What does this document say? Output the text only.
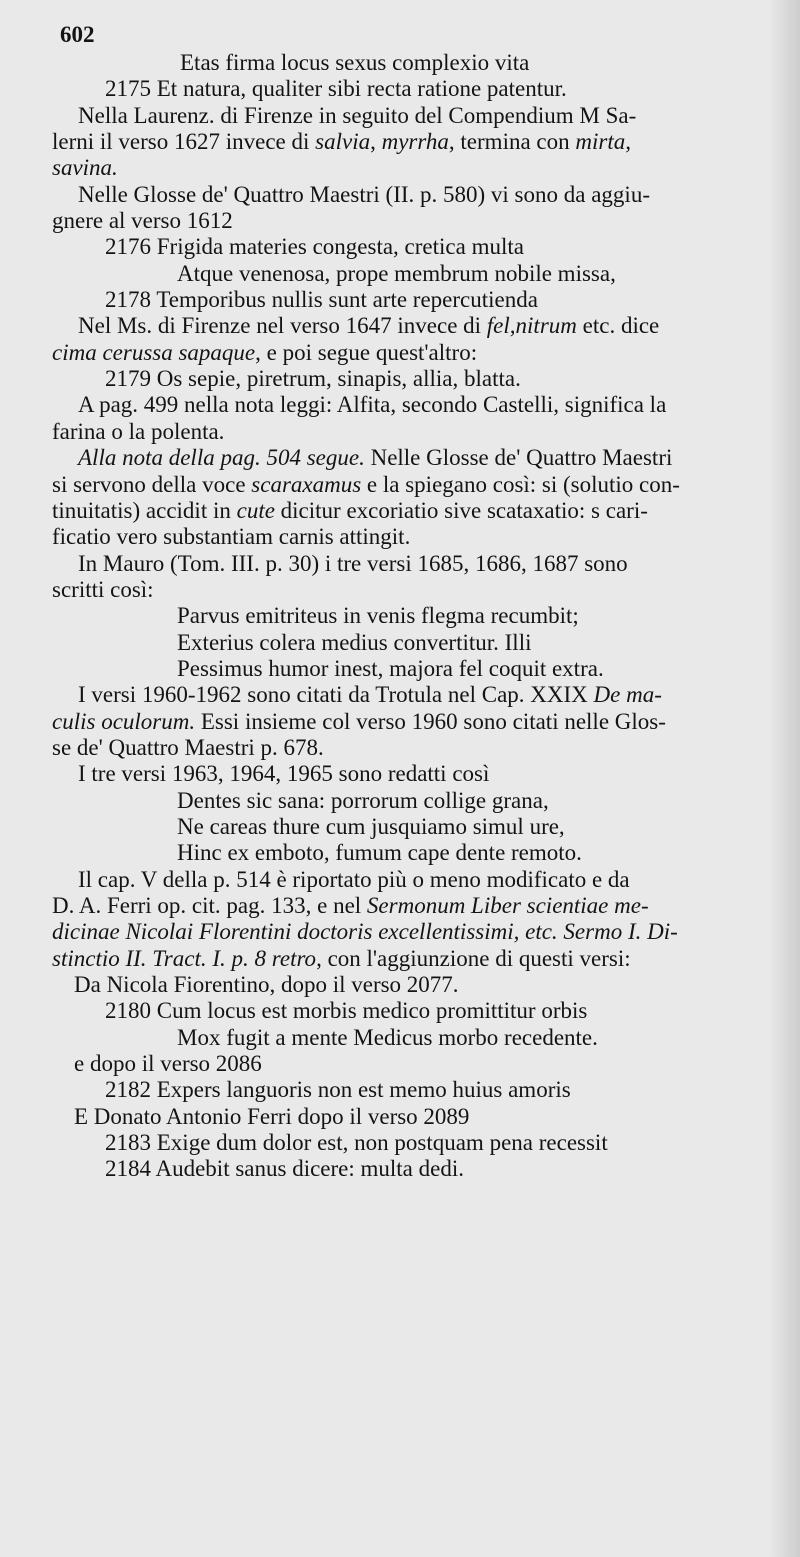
602
Etas firma locus sexus complexio vita
2175 Et natura, qualiter sibi recta ratione patentur.
Nella Laurenz. di Firenze in seguito del Compendium M Sa-
lerni il verso 1627 invece di salvia, myrrha, termina con mirta,
savina.
Nelle Glosse de' Quattro Maestri (II. p. 580) vi sono da aggiu-
gnere al verso 1612
2176 Frigida materies congesta, cretica multa
Atque venenosa, prope membrum nobile missa,
2178 Temporibus nullis sunt arte repercutienda
Nel Ms. di Firenze nel verso 1647 invece di fel,nitrum etc. dice
cima cerussa sapaque, e poi segue quest'altro:
2179 Os sepie, piretrum, sinapis, allia, blatta.
A pag. 499 nella nota leggi: Alfita, secondo Castelli, significa la
farina o la polenta.
Alla nota della pag. 504 segue. Nelle Glosse de' Quattro Maestri
si servono della voce scaraxamus e la spiegano così: si (solutio con-
tinuitatis) accidit in cute dicitur excoriatio sive scataxatio: s cari-
ficatio vero substantiam carnis attingit.
In Mauro (Tom. III. p. 30) i tre versi 1685, 1686, 1687 sono
scritti così:
Parvus emitriteus in venis flegma recumbit;
Exterius colera medius convertitur. Illi
Pessimus humor inest, majora fel coquit extra.
I versi 1960-1962 sono citati da Trotula nel Cap. XXIX De ma-
culis oculorum. Essi insieme col verso 1960 sono citati nelle Glos-
se de' Quattro Maestri p. 678.
I tre versi 1963, 1964, 1965 sono redatti così
Dentes sic sana: porrorum collige grana,
Ne careas thure cum jusquiamo simul ure,
Hinc ex emboto, fumum cape dente remoto.
Il cap. V della p. 514 è riportato più o meno modificato e da
D. A. Ferri op. cit. pag. 133, e nel Sermonum Liber scientiae me-
dicinae Nicolai Florentini doctoris excellentissimi, etc. Sermo I. Di-
stinctio II. Tract. I. p. 8 retro, con l'aggiunzione di questi versi:
Da Nicola Fiorentino, dopo il verso 2077.
2180 Cum locus est morbis medico promittitur orbis
Mox fugit a mente Medicus morbo recedente.
e dopo il verso 2086
2182 Expers languoris non est memo huius amoris
E Donato Antonio Ferri dopo il verso 2089
2183 Exige dum dolor est, non postquam pena recessit
2184 Audebit sanus dicere: multa dedi.
